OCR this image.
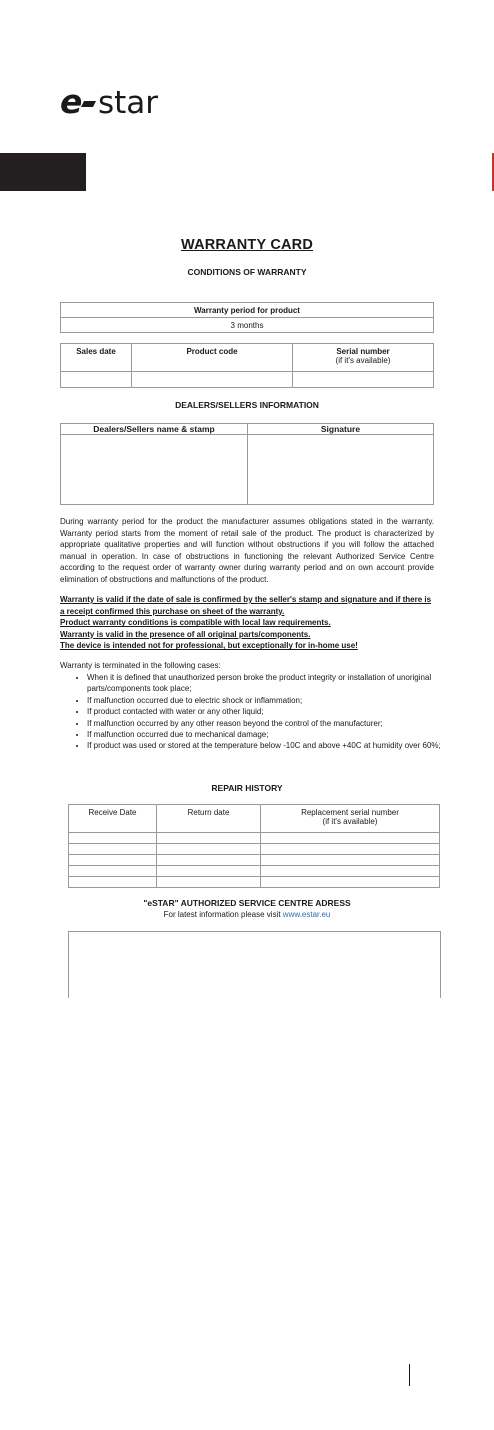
e star
WARRANTY CARD
CONDITIONS OF WARRANTY
Warranty period for product
3 months
Sales date	Product code	Serial number
(if it's available)

DEALERS/SELLERS INFORMATION
Dealers/Sellers name & stamp	Signature

During warranty period for the product the manufacturer assumes obligations stated in the warranty. Warranty period starts from the moment of retail sale of the product. The product is characterized by appropriate qualitative properties and will function without obstructions if you will follow the attached manual in operation. In case of obstructions in functioning the relevant Authorized Service Centre according to the request order of warranty owner during warranty period and on own account provide elimination of obstructions and malfunctions of the product.
Warranty is valid if the date of sale is confirmed by the seller's stamp and signature and if there is a receipt confirmed this purchase on sheet of the warranty.
Product warranty conditions is compatible with local law requirements.
Warranty is valid in the presence of all original parts/components.
The device is intended not for professional, but exceptionally for in-home use!
Warranty is terminated in the following cases:
• When it is defined that unauthorized person broke the product integrity or installation of unoriginal parts/components took place;
• If malfunction occurred due to electric shock or inflammation;
• If product contacted with water or any other liquid;
• If malfunction occurred by any other reason beyond the control of the manufacturer;
• If malfunction occurred due to mechanical damage;
• If product was used or stored at the temperature below -10C and above +40C at humidity over 60%;
REPAIR HISTORY
Receive Date	Return date	Replacement serial number
(if it's available)

"eSTAR" AUTHORIZED SERVICE CENTRE ADRESS
For latest information please visit www.estar.eu
